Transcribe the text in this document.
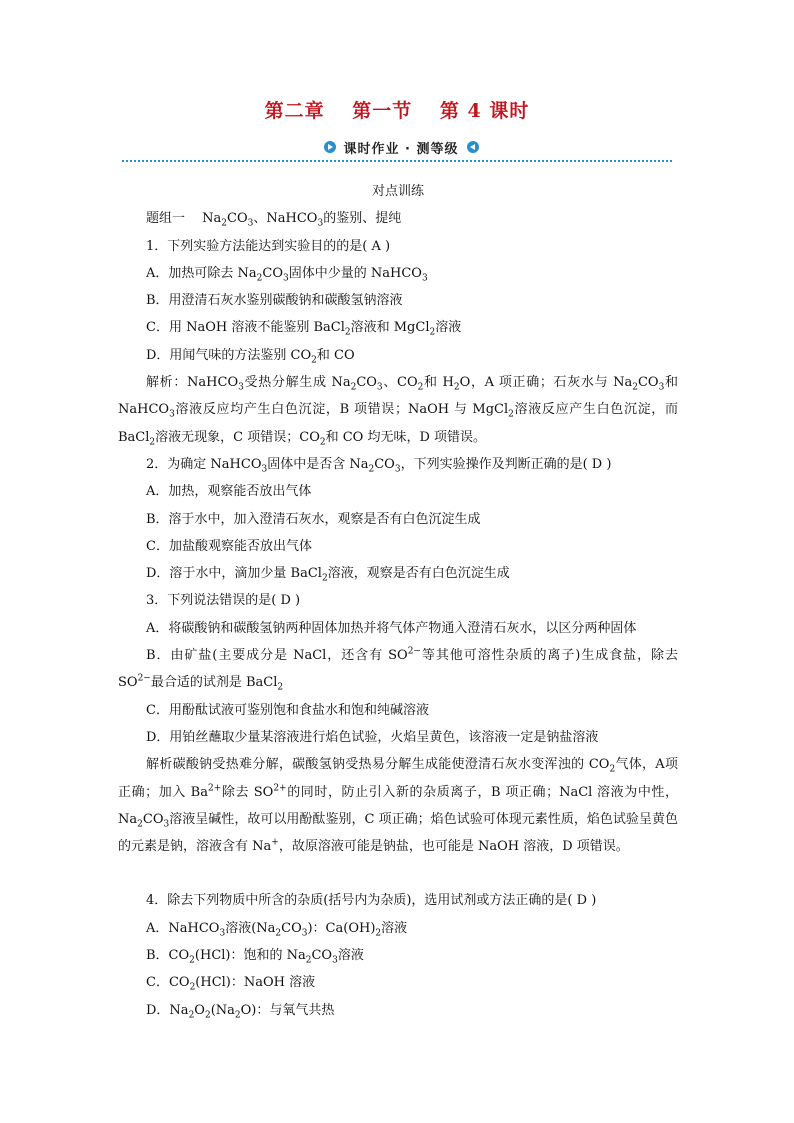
第二章 第一节 第 4 课时
课时作业 · 测等级

对点训练

题组一　 $Na_2CO_3$、NaHCO$_3$的鉴别、提纯

1．下列实验方法能达到实验目的的是( A )

A．加热可除去 $Na_2CO_3$固体中少量的 NaHCO$_3$

B．用澄清石灰水鉴别碳酸钠和碳酸氢钠溶液

C．用 NaOH 溶液不能鉴别 BaCl$_2$溶液和 MgCl$_2$溶液

D．用闻气味的方法鉴别 $CO_2$和 CO

解析：NaHCO$_3$受热分解生成 $Na_2CO_3$、$CO_2$和 $H_2O$，A 项正确；石灰水与 $Na_2CO_3$和 NaHCO$_3$溶液反应均产生白色沉淀，B 项错误；NaOH 与 MgCl$_2$溶液反应产生白色沉淀，而 BaCl$_2$溶液无现象，C 项错误；$CO_2$和 CO 均无味，D 项错误。

2．为确定 NaHCO$_3$固体中是否含 $Na_2CO_3$，下列实验操作及判断正确的是( D )

A．加热，观察能否放出气体

B．溶于水中，加入澄清石灰水，观察是否有白色沉淀生成

C．加盐酸观察能否放出气体

D．溶于水中，滴加少量 BaCl$_2$溶液，观察是否有白色沉淀生成

3．下列说法错误的是( D )

A．将碳酸钠和碳酸氢钠两种固体加热并将气体产物通入澄清石灰水，以区分两种固体

B．由矿盐(主要成分是 NaCl，还含有 $SO^{2-}$等其他可溶性杂质的离子)生成食盐，除去 $SO^{2-}$最合适的试剂是 BaCl$_2$

C．用酚酞试液可鉴别饱和食盐水和饱和纯碱溶液

D．用铂丝蘸取少量某溶液进行焰色试验，火焰呈黄色，该溶液一定是钠盐溶液

解析碳酸钠受热难分解，碳酸氢钠受热易分解生成能使澄清石灰水变浑浊的 $CO_2$气体，A项正确；加入 $Ba^{2+}$除去 $SO^{2+}$的同时，防止引入新的杂质离子，B 项正确；NaCl 溶液为中性，$Na_2CO_3$溶液呈碱性，故可以用酚酞鉴别，C 项正确；焰色试验可体现元素性质，焰色试验呈黄色的元素是钠，溶液含有 Na+，故原溶液可能是钠盐，也可能是 NaOH 溶液，D 项错误。

4．除去下列物质中所含的杂质(括号内为杂质)，选用试剂或方法正确的是( D )

A．NaHCO$_3$溶液$(Na_2CO_3)$：$Ca(OH)_2$溶液

B．$CO_2(HCl)$：饱和的 $Na_2CO_3$溶液

C．$CO_2(HCl)$：NaOH 溶液

D．$Na_2O_2(Na_2O)$：与氧气共热
